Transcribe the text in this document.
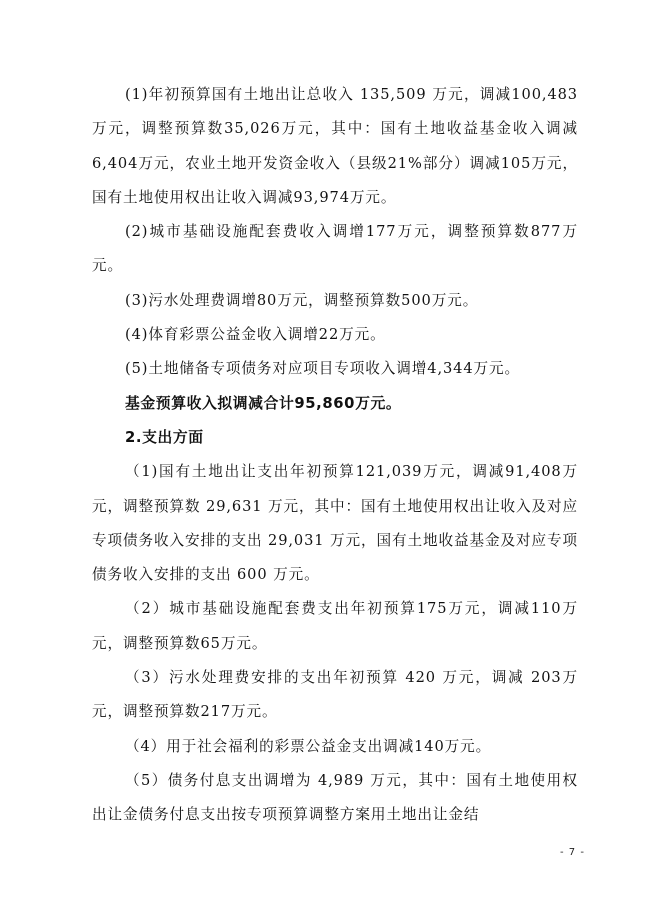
(1)年初预算国有土地出让总收入 135,509 万元，调减100,483万元，调整预算数35,026万元，其中：国有土地收益基金收入调减6,404万元，农业土地开发资金收入（县级21%部分）调减105万元，国有土地使用权出让收入调减93,974万元。

(2)城市基础设施配套费收入调增177万元，调整预算数877万元。

(3)污水处理费调增80万元，调整预算数500万元。

(4)体育彩票公益金收入调增22万元。

(5)土地储备专项债务对应项目专项收入调增4,344万元。

基金预算收入拟调减合计95,860万元。

2.支出方面

（1)国有土地出让支出年初预算121,039万元，调减91,408万元，调整预算数 29,631 万元，其中：国有土地使用权出让收入及对应专项债务收入安排的支出 29,031 万元，国有土地收益基金及对应专项债务收入安排的支出 600 万元。

（2）城市基础设施配套费支出年初预算175万元，调减110万元，调整预算数65万元。

（3）污水处理费安排的支出年初预算 420 万元，调减 203万元，调整预算数217万元。

（4）用于社会福利的彩票公益金支出调减140万元。

（5）债务付息支出调增为 4,989 万元，其中：国有土地使用权出让金债务付息支出按专项预算调整方案用土地出让金结

- 7 -
